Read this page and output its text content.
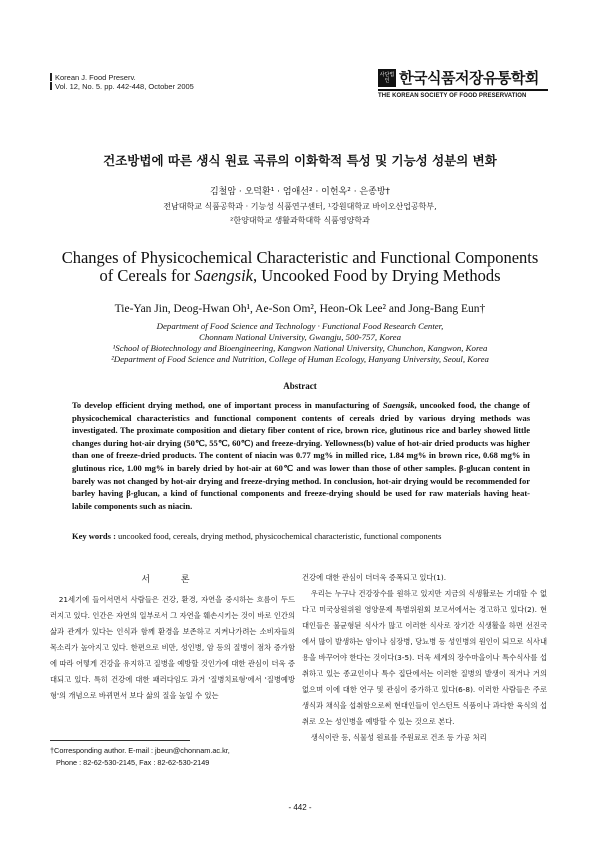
Korean J. Food Preserv.
Vol. 12, No. 5. pp. 442-448, October 2005
사단법인 한국식품저장유통학회
THE KOREAN SOCIETY OF FOOD PRESERVATION
건조방법에 따른 생식 원료 곡류의 이화학적 특성 및 기능성 성분의 변화
김철암 · 오덕환¹ · 엄애선² · 이헌옥² · 은종방†
전남대학교 식품공학과 · 기능성 식품연구센터, ¹강원대학교 바이오산업공학부,
²한양대학교 생활과학대학 식품영양학과
Changes of Physicochemical Characteristic and Functional Components
of Cereals for Saengsik, Uncooked Food by Drying Methods
Tie-Yan Jin, Deog-Hwan Oh¹, Ae-Son Om², Heon-Ok Lee² and Jong-Bang Eun†
Department of Food Science and Technology · Functional Food Research Center,
Chonnam National University, Gwangju, 500-757, Korea
¹School of Biotechnology and Bioengineering, Kangwon National University, Chunchon, Kangwon, Korea
²Department of Food Science and Nutrition, College of Human Ecology, Hanyang University, Seoul, Korea
Abstract
To develop efficient drying method, one of important process in manufacturing of Saengsik, uncooked food, the change of physicochemical characteristics and functional component contents of cereals dried by various drying methods was investigated. The proximate composition and dietary fiber content of rice, brown rice, glutinous rice and barley showed little changes during hot-air drying (50℃, 55℃, 60℃) and freeze-drying. Yellowness(b) value of hot-air dried products was higher than one of freeze-dried products. The content of niacin was 0.77 mg% in milled rice, 1.84 mg% in brown rice, 0.68 mg% in glutinous rice, 1.00 mg% in barely dried by hot-air at 60℃ and was lower than those of other samples. β-glucan content in barely was not changed by hot-air drying and freeze-drying method. In conclusion, hot-air drying would be recommended for barley having β-glucan, a kind of functional components and freeze-drying should be used for raw materials having heat-labile components such as niacin.
Key words : uncooked food, cereals, drying method, physicochemical characteristic, functional components
서 론

21세기에 들어서면서 사람들은 건강, 환경, 자연을 중시하는 흐름이 두드러지고 있다. 인간은 자연의 일부로서 그 자연을 훼손시키는 것이 바로 인간의 삶과 관계가 있다는 인식과 함께 환경을 보존하고 지켜나가려는 소비자들의 목소리가 높아지고 있다. 한편으로 비만, 성인병, 암 등의 질병이 점차 증가함에 따라 어떻게 건강을 유지하고 질병을 예방할 것인가에 대한 관심이 더욱 증대되고 있다. 특히 건강에 대한 패러다임도 과거 '질병치료형'에서 '질병예방형'의 개념으로 바뀌면서 보다 삶의 질을 높일 수 있는

건강에 대한 관심이 더더욱 증폭되고 있다(1).

우리는 누구나 건강장수를 원하고 있지만 지금의 식생활로는 기대할 수 없다고 미국상원위원 영양문제 특별위원회 보고서에서는 경고하고 있다(2). 현대인들은 불균형된 식사가 많고 이러한 식사로 장기간 식생활을 하면 선진국에서 많이 발생하는 암이나 심장병, 당뇨병 등 성인병의 원인이 되므로 식사내용을 바꾸어야 한다는 것이다(3-5). 더욱 세계의 장수마을이나 특수식사를 섭취하고 있는 종교인이나 특수 집단에서는 이러한 질병의 발생이 적거나 거의 없으며 이에 대한 연구 및 관심이 증가하고 있다(6-8). 이러한 사람들은 주로 생식과 채식을 섭취함으로써 현대인들이 인스턴트 식품이나 과다한 육식의 섭취로 오는 성인병을 예방할 수 있는 것으로 본다.

생식이란 등, 식물성 원료를 주원료로 건조 등 가공 처리

†Corresponding author. E-mail : jbeun@chonnam.ac.kr,
Phone : 82-62-530-2145, Fax : 82-62-530-2149
- 442 -
